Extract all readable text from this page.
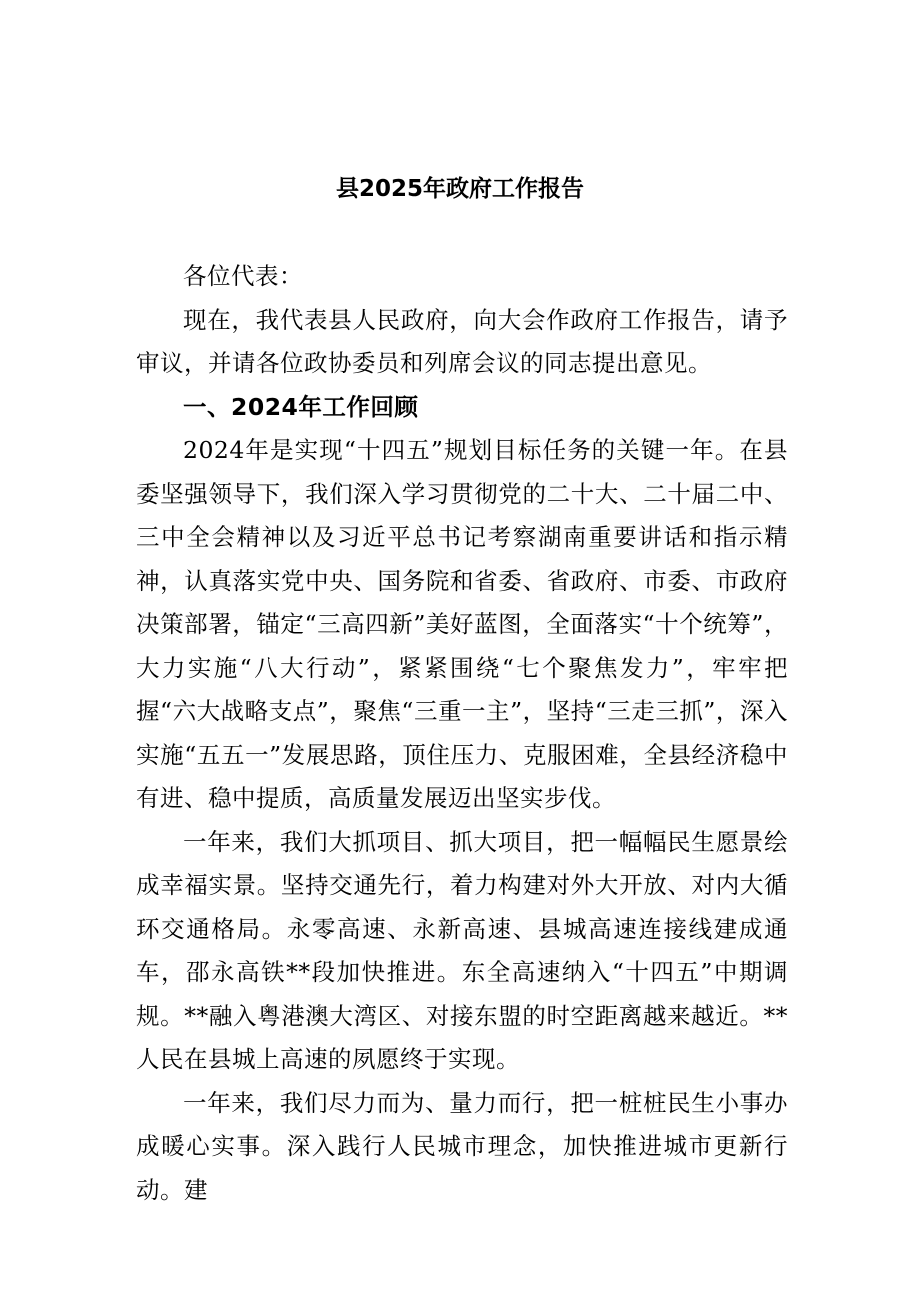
县2025年政府工作报告

各位代表：

现在，我代表县人民政府，向大会作政府工作报告，请予审议，并请各位政协委员和列席会议的同志提出意见。

一、2024年工作回顾

2024年是实现“十四五”规划目标任务的关键一年。在县委坚强领导下，我们深入学习贯彻党的二十大、二十届二中、三中全会精神以及习近平总书记考察湖南重要讲话和指示精神，认真落实党中央、国务院和省委、省政府、市委、市政府决策部署，锚定“三高四新”美好蓝图，全面落实“十个统筹”，大力实施“八大行动”，紧紧围绕“七个聚焦发力”，牢牢把握“六大战略支点”，聚焦“三重一主”，坚持“三走三抓”，深入实施“五五一”发展思路，顶住压力、克服困难，全县经济稳中有进、稳中提质，高质量发展迈出坚实步伐。

一年来，我们大抓项目、抓大项目，把一幅幅民生愿景绘成幸福实景。坚持交通先行，着力构建对外大开放、对内大循环交通格局。永零高速、永新高速、县城高速连接线建成通车，邵永高铁**段加快推进。东全高速纳入“十四五”中期调规。**融入粤港澳大湾区、对接东盟的时空距离越来越近。**人民在县城上高速的夙愿终于实现。

一年来，我们尽力而为、量力而行，把一桩桩民生小事办成暖心实事。深入践行人民城市理念，加快推进城市更新行动。建
